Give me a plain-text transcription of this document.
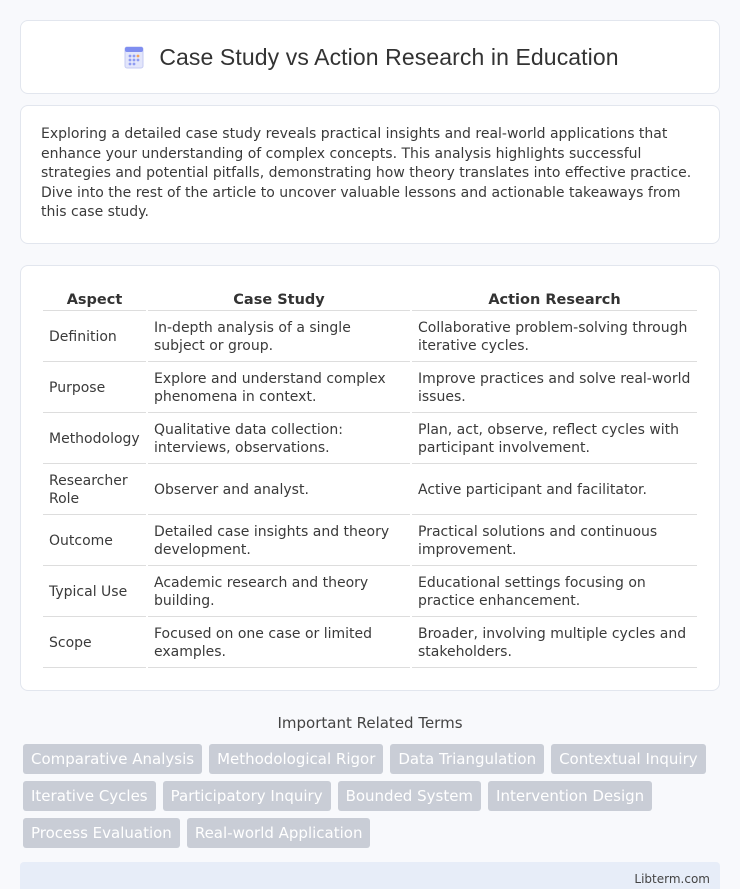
Case Study vs Action Research in Education

Exploring a detailed case study reveals practical insights and real-world applications that enhance your understanding of complex concepts. This analysis highlights successful strategies and potential pitfalls, demonstrating how theory translates into effective practice. Dive into the rest of the article to uncover valuable lessons and actionable takeaways from this case study.

Aspect	Case Study	Action Research
Definition	In-depth analysis of a single subject or group.	Collaborative problem-solving through iterative cycles.
Purpose	Explore and understand complex phenomena in context.	Improve practices and solve real-world issues.
Methodology	Qualitative data collection: interviews, observations.	Plan, act, observe, reflect cycles with participant involvement.
Researcher Role	Observer and analyst.	Active participant and facilitator.
Outcome	Detailed case insights and theory development.	Practical solutions and continuous improvement.
Typical Use	Academic research and theory building.	Educational settings focusing on practice enhancement.
Scope	Focused on one case or limited examples.	Broader, involving multiple cycles and stakeholders.
Important Related Terms
Comparative Analysis	Methodological Rigor	Data Triangulation	Contextual Inquiry
Iterative Cycles	Participatory Inquiry	Bounded System	Intervention Design
Process Evaluation	Real-world Application
Libterm.com
